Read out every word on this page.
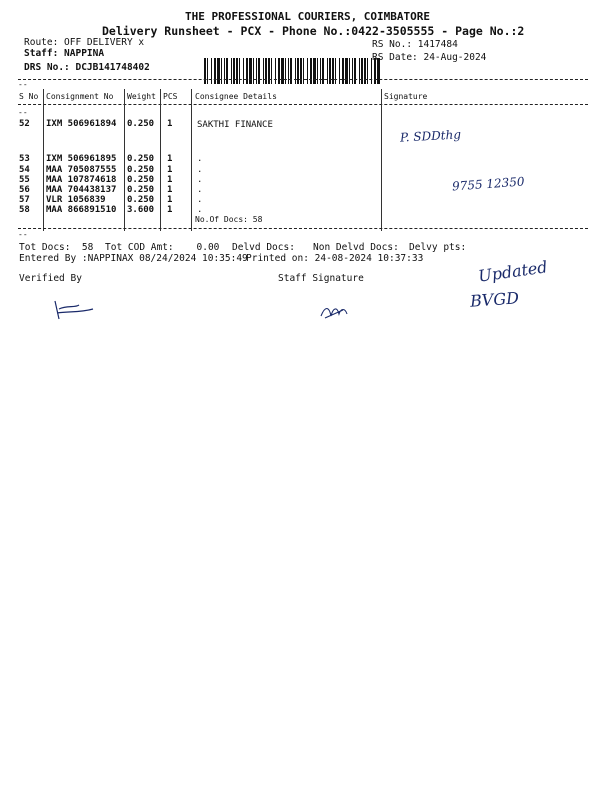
THE PROFESSIONAL COURIERS, COIMBATORE
Delivery Runsheet - PCX - Phone No.:0422-3505555 - Page No.:2
Route: OFF DELIVERY x
Staff: NAPPINA
DRS No.: DCJB141748402

RS No.: 1417484
RS Date: 24-Aug-2024
--
S No Consignment No Weight PCS Consignee Details	Signature
--
52 IXM 506961894 0.250 1	SAKTHI FINANCE
53 IXM 506961895 0.250 1	.
54 MAA 705087555 0.250 1	.
55 MAA 107874618 0.250 1	.
56 MAA 704438137 0.250 1	.
57 VLR 1056839 0.250 1	.
58 MAA 866891510 3.600 1	.
No.Of Docs: 58
P. SDDthg
9755 12350
--
Tot Docs:  58 Tot COD Amt:    0.00 Delvd Docs: Non Delvd Docs: Delvy pts:
Entered By :NAPPINAX 08/24/2024 10:35:49
Printed on: 24-08-2024 10:37:33
Verified By	Staff Signature

	Updated
BVGD
